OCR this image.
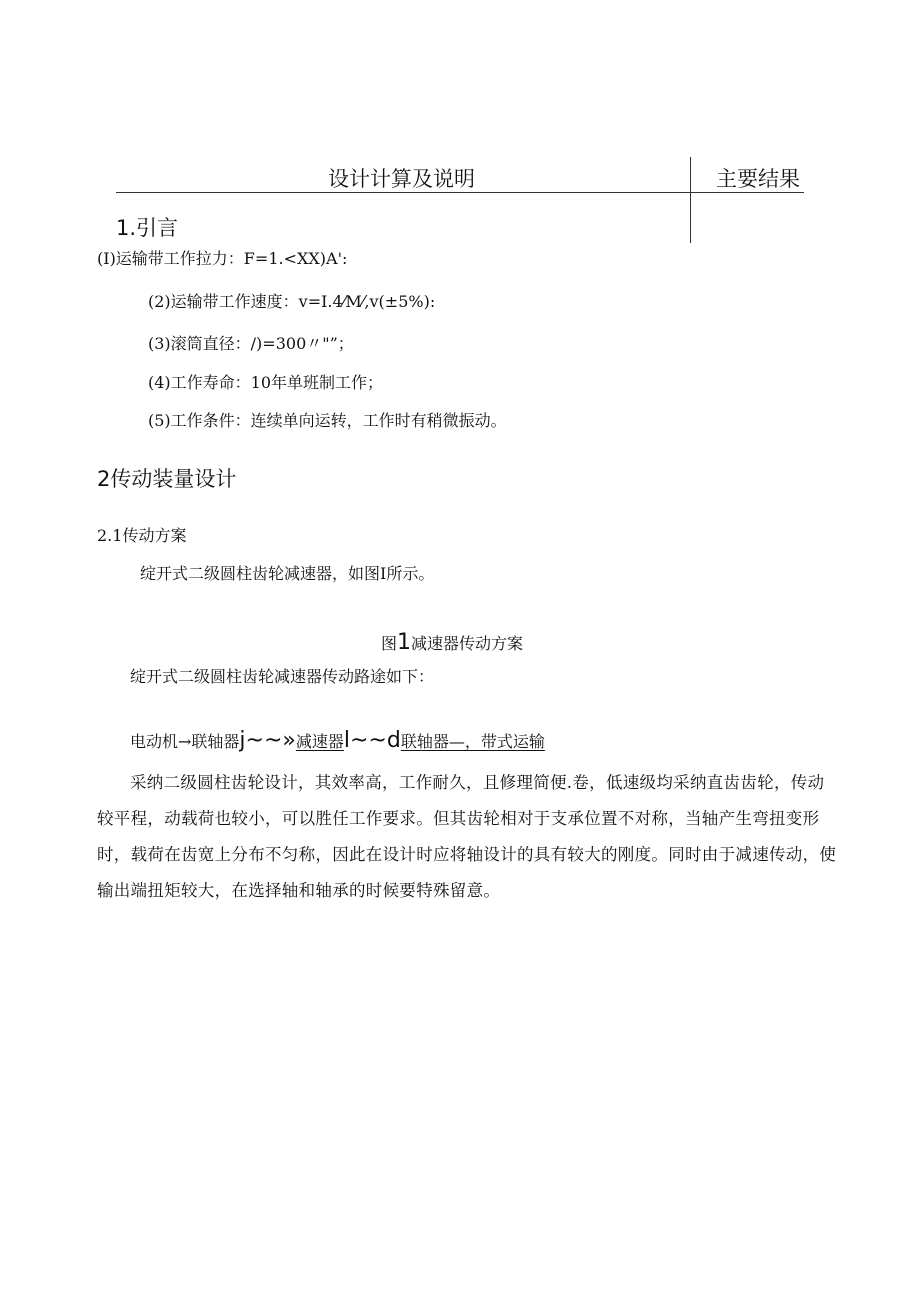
设计计算及说明	主要结果
1.引言
(I)运输带工作拉力：F=1.<XX)A':
(2)运输带工作速度：v=I.4⁄M⁄,v(±5%):
(3)滚筒直径：/)=300〃"”；
(4)工作寿命：10年单班制工作；
(5)工作条件：连续单向运转，工作时有稍微振动。
2传动装量设计
2.1传动方案
绽开式二级圆柱齿轮减速器，如图I所示。
图1减速器传动方案
绽开式二级圆柱齿轮减速器传动路途如下：
电动机→联轴器j~~»减速器l~~d联轴器—，带式运输
采纳二级圆柱齿轮设计，其效率高，工作耐久，且修理简便.卷，低速级均采纳直齿齿轮，传动较平程，动载荷也较小，可以胜任工作要求。但其齿轮相对于支承位置不对称，当轴产生弯扭变形时，载荷在齿宽上分布不匀称，因此在设计时应将轴设计的具有较大的刚度。同时由于减速传动，使输出端扭矩较大，在选择轴和轴承的时候要特殊留意。
